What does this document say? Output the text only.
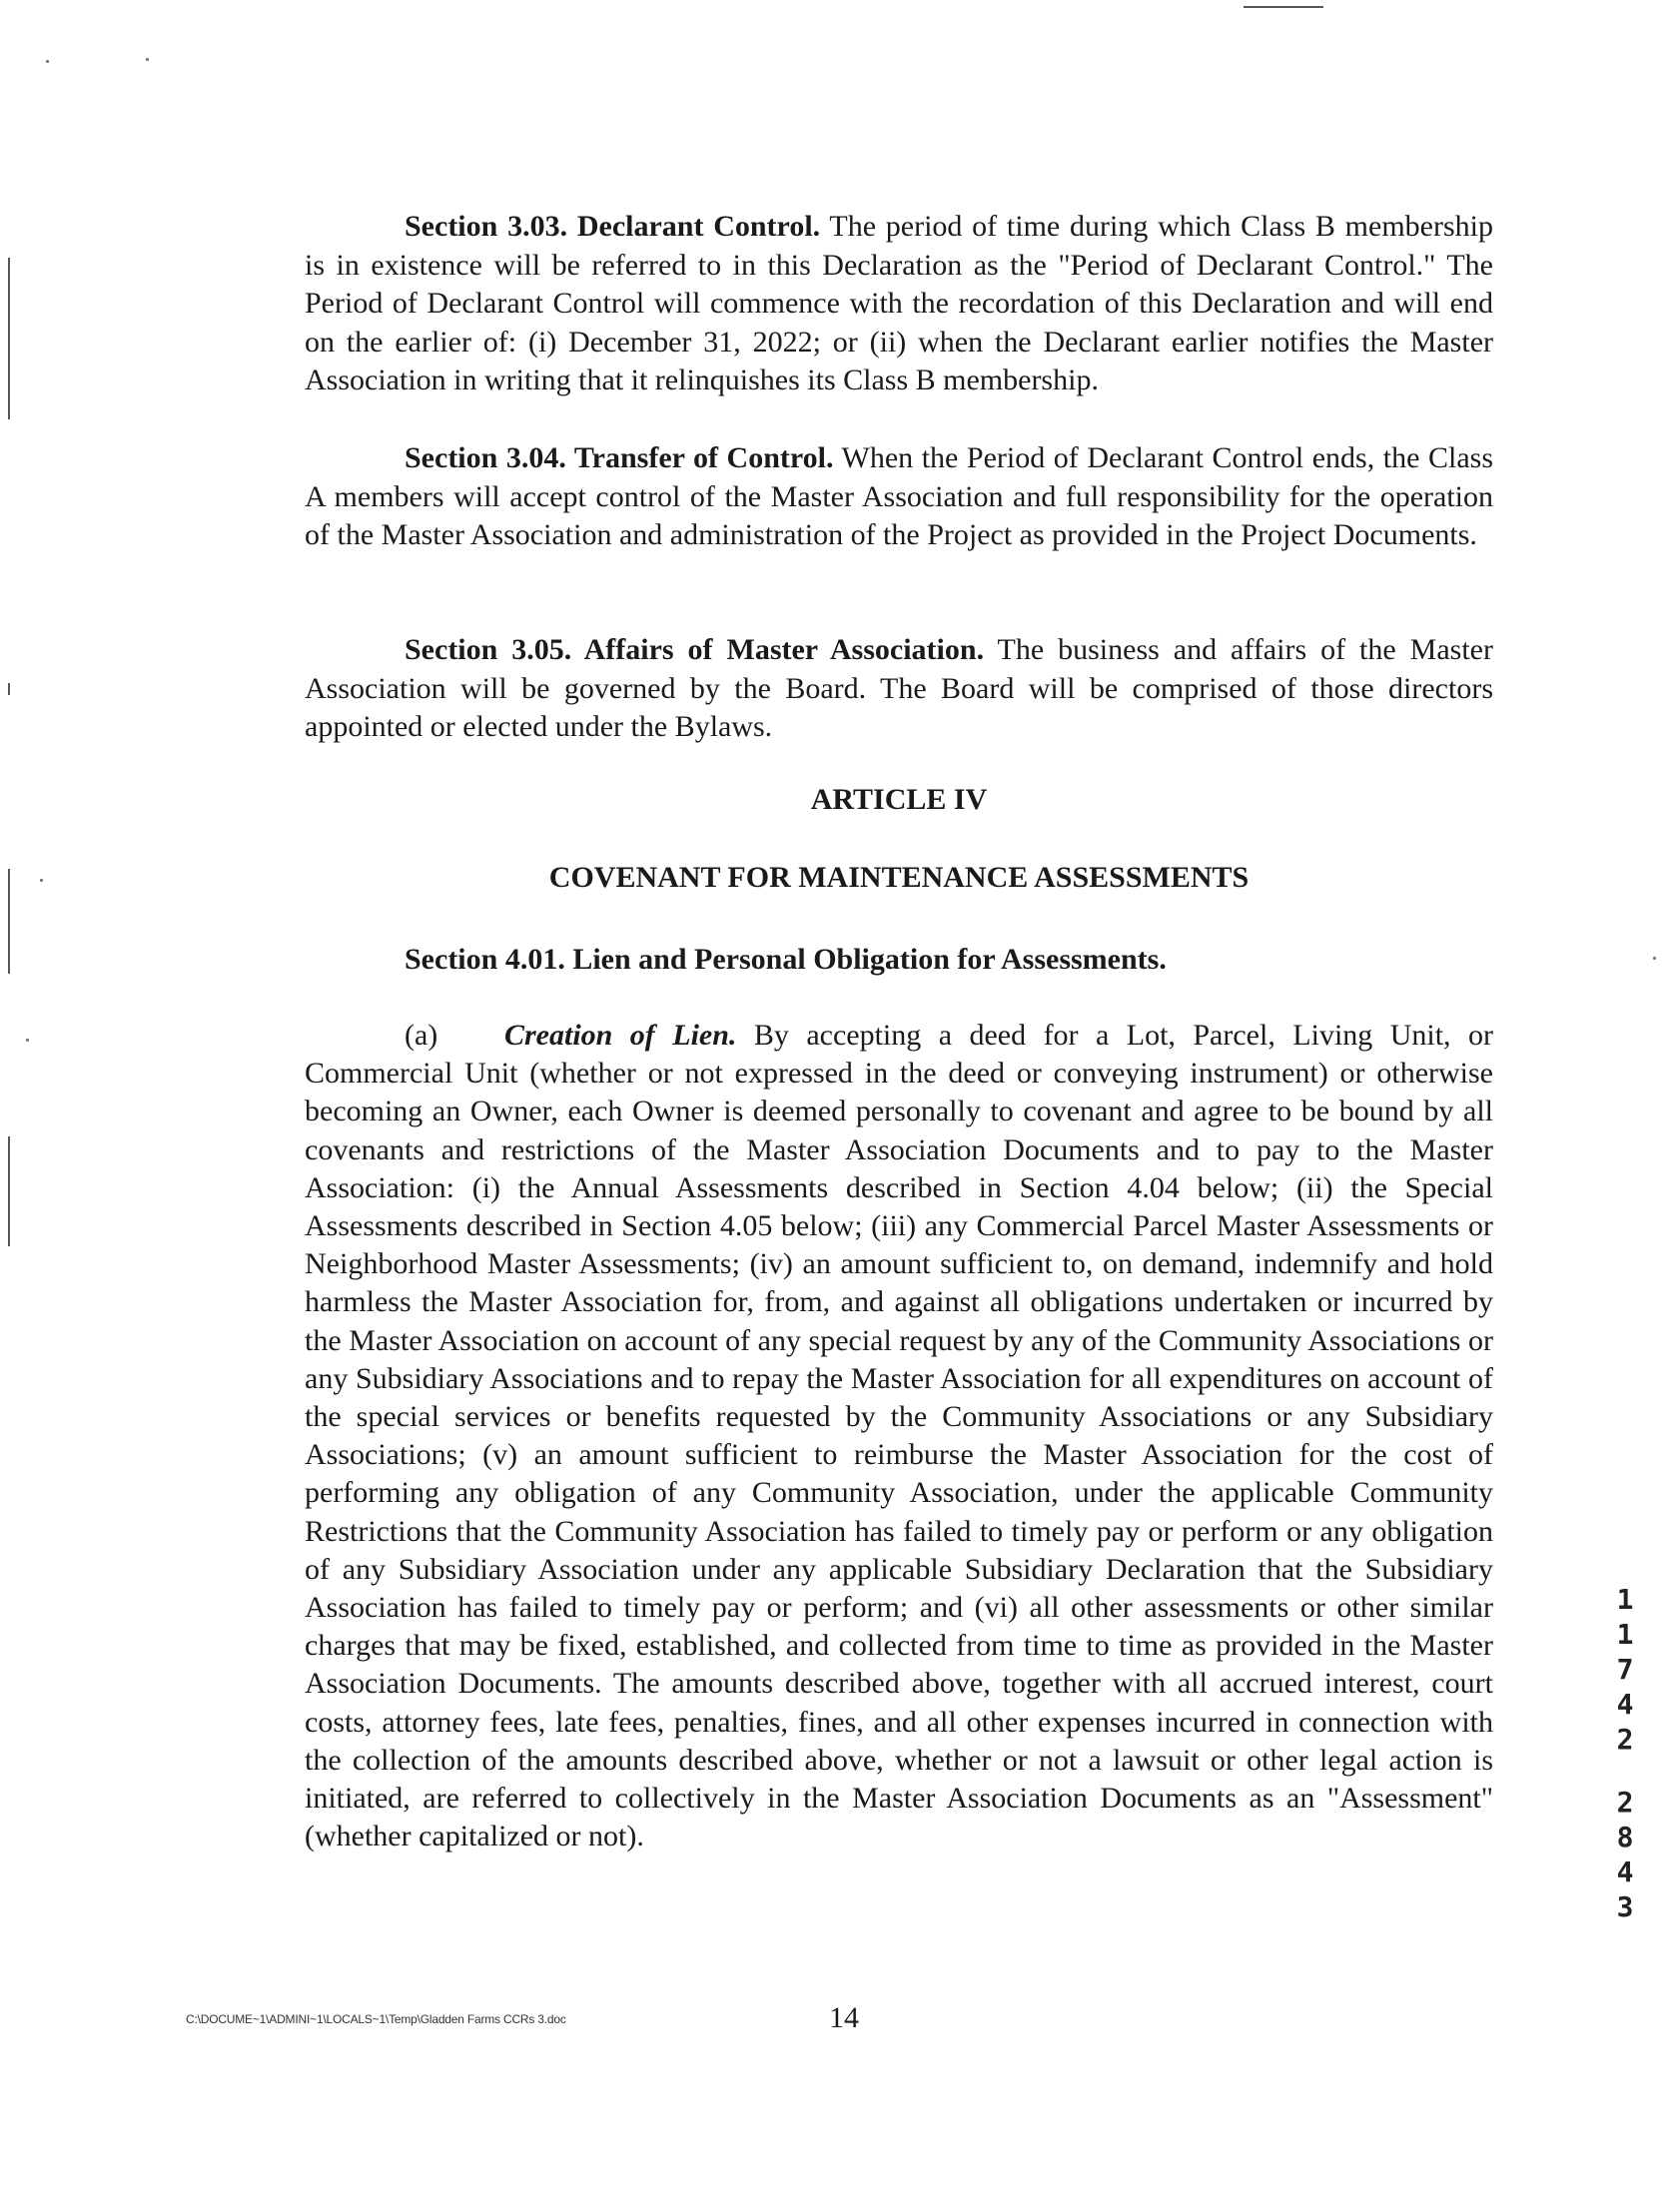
Section 3.03. Declarant Control. The period of time during which Class B membership is in existence will be referred to in this Declaration as the "Period of Declarant Control." The Period of Declarant Control will commence with the recordation of this Declaration and will end on the earlier of: (i) December 31, 2022; or (ii) when the Declarant earlier notifies the Master Association in writing that it relinquishes its Class B membership.
Section 3.04. Transfer of Control. When the Period of Declarant Control ends, the Class A members will accept control of the Master Association and full responsibility for the operation of the Master Association and administration of the Project as provided in the Project Documents.
Section 3.05. Affairs of Master Association. The business and affairs of the Master Association will be governed by the Board. The Board will be comprised of those directors appointed or elected under the Bylaws.
ARTICLE IV
COVENANT FOR MAINTENANCE ASSESSMENTS
Section 4.01. Lien and Personal Obligation for Assessments.
(a) Creation of Lien. By accepting a deed for a Lot, Parcel, Living Unit, or Commercial Unit (whether or not expressed in the deed or conveying instrument) or otherwise becoming an Owner, each Owner is deemed personally to covenant and agree to be bound by all covenants and restrictions of the Master Association Documents and to pay to the Master Association: (i) the Annual Assessments described in Section 4.04 below; (ii) the Special Assessments described in Section 4.05 below; (iii) any Commercial Parcel Master Assessments or Neighborhood Master Assessments; (iv) an amount sufficient to, on demand, indemnify and hold harmless the Master Association for, from, and against all obligations undertaken or incurred by the Master Association on account of any special request by any of the Community Associations or any Subsidiary Associations and to repay the Master Association for all expenditures on account of the special services or benefits requested by the Community Associations or any Subsidiary Associations; (v) an amount sufficient to reimburse the Master Association for the cost of performing any obligation of any Community Association, under the applicable Community Restrictions that the Community Association has failed to timely pay or perform or any obligation of any Subsidiary Association under any applicable Subsidiary Declaration that the Subsidiary Association has failed to timely pay or perform; and (vi) all other assessments or other similar charges that may be fixed, established, and collected from time to time as provided in the Master Association Documents. The amounts described above, together with all accrued interest, court costs, attorney fees, late fees, penalties, fines, and all other expenses incurred in connection with the collection of the amounts described above, whether or not a lawsuit or other legal action is initiated, are referred to collectively in the Master Association Documents as an "Assessment" (whether capitalized or not).
1
1
7
4
2
2
8
4
3
C:\DOCUME~1\ADMINI~1\LOCALS~1\Temp\Gladden Farms CCRs 3.doc	14
